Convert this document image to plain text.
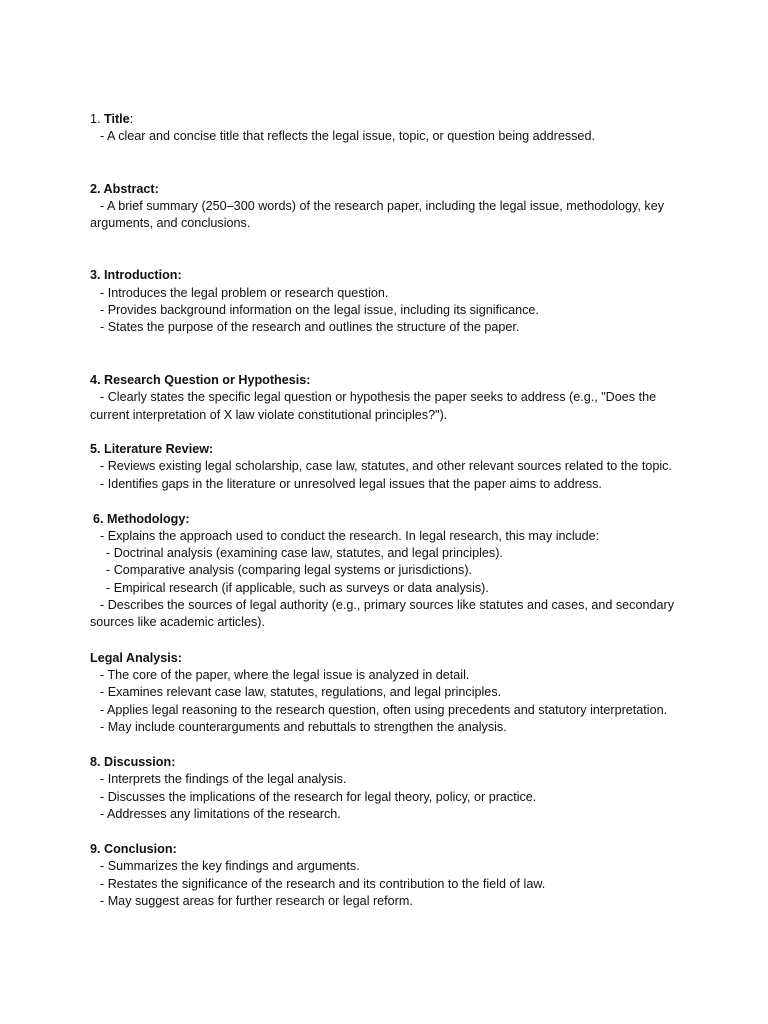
1. Title:
- A clear and concise title that reflects the legal issue, topic, or question being addressed.
2. Abstract:
- A brief summary (250–300 words) of the research paper, including the legal issue, methodology, key
arguments, and conclusions.
3. Introduction:
- Introduces the legal problem or research question.
- Provides background information on the legal issue, including its significance.
- States the purpose of the research and outlines the structure of the paper.
4. Research Question or Hypothesis:
- Clearly states the specific legal question or hypothesis the paper seeks to address (e.g., "Does the
current interpretation of X law violate constitutional principles?").
5. Literature Review:
- Reviews existing legal scholarship, case law, statutes, and other relevant sources related to the topic.
- Identifies gaps in the literature or unresolved legal issues that the paper aims to address.
6. Methodology:
- Explains the approach used to conduct the research. In legal research, this may include:
- Doctrinal analysis (examining case law, statutes, and legal principles).
- Comparative analysis (comparing legal systems or jurisdictions).
- Empirical research (if applicable, such as surveys or data analysis).
- Describes the sources of legal authority (e.g., primary sources like statutes and cases, and secondary
sources like academic articles).
Legal Analysis:
- The core of the paper, where the legal issue is analyzed in detail.
- Examines relevant case law, statutes, regulations, and legal principles.
- Applies legal reasoning to the research question, often using precedents and statutory interpretation.
- May include counterarguments and rebuttals to strengthen the analysis.
8. Discussion:
- Interprets the findings of the legal analysis.
- Discusses the implications of the research for legal theory, policy, or practice.
- Addresses any limitations of the research.
9. Conclusion:
- Summarizes the key findings and arguments.
- Restates the significance of the research and its contribution to the field of law.
- May suggest areas for further research or legal reform.
